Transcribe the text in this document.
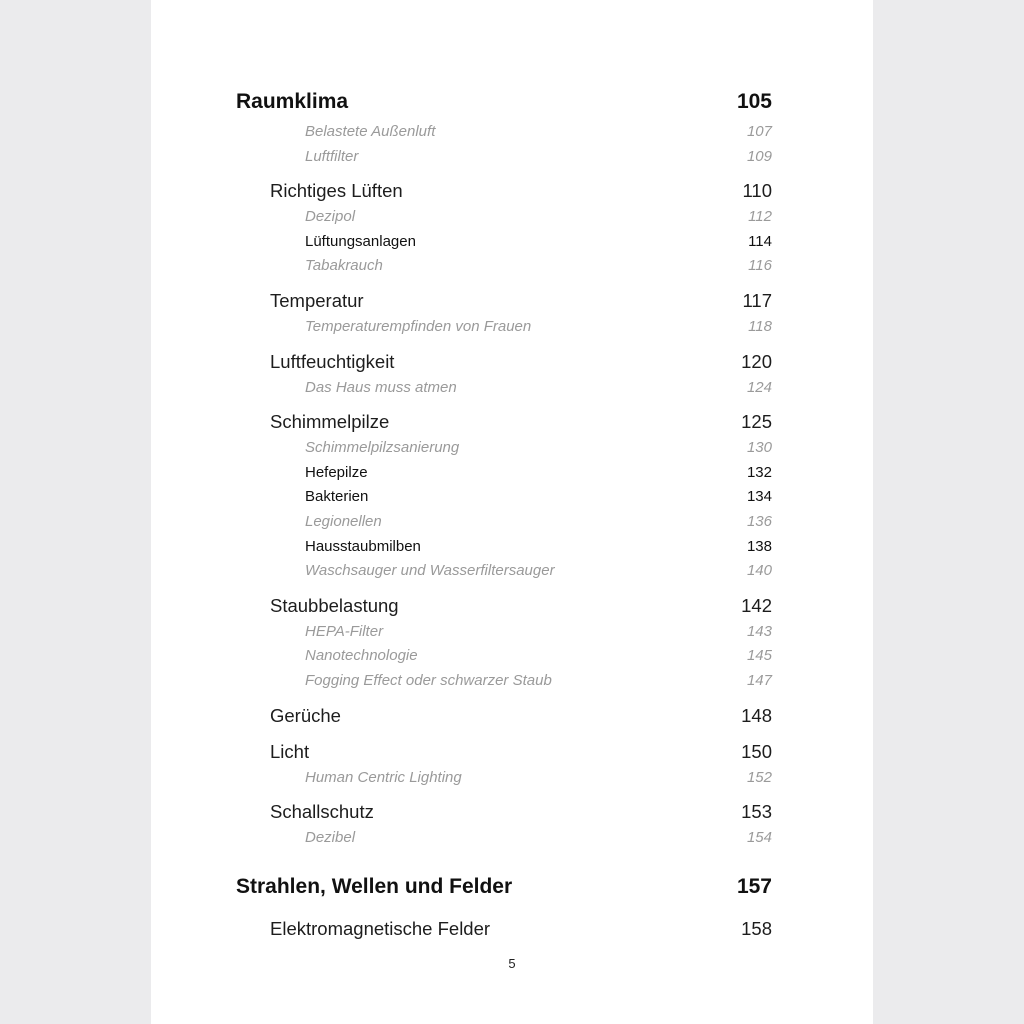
Raumklima	105
Belastete Außenluft	107
Luftfilter	109
Richtiges Lüften	110
Dezipol	112
Lüftungsanlagen	114
Tabakrauch	116
Temperatur	117
Temperaturempfinden von Frauen	118
Luftfeuchtigkeit	120
Das Haus muss atmen	124
Schimmelpilze	125
Schimmelpilzsanierung	130
Hefepilze	132
Bakterien	134
Legionellen	136
Hausstaubmilben	138
Waschsauger und Wasserfiltersauger	140
Staubbelastung	142
HEPA-Filter	143
Nanotechnologie	145
Fogging Effect oder schwarzer Staub	147
Gerüche	148
Licht	150
Human Centric Lighting	152
Schallschutz	153
Dezibel	154
Strahlen, Wellen und Felder	157
Elektromagnetische Felder	158
5
